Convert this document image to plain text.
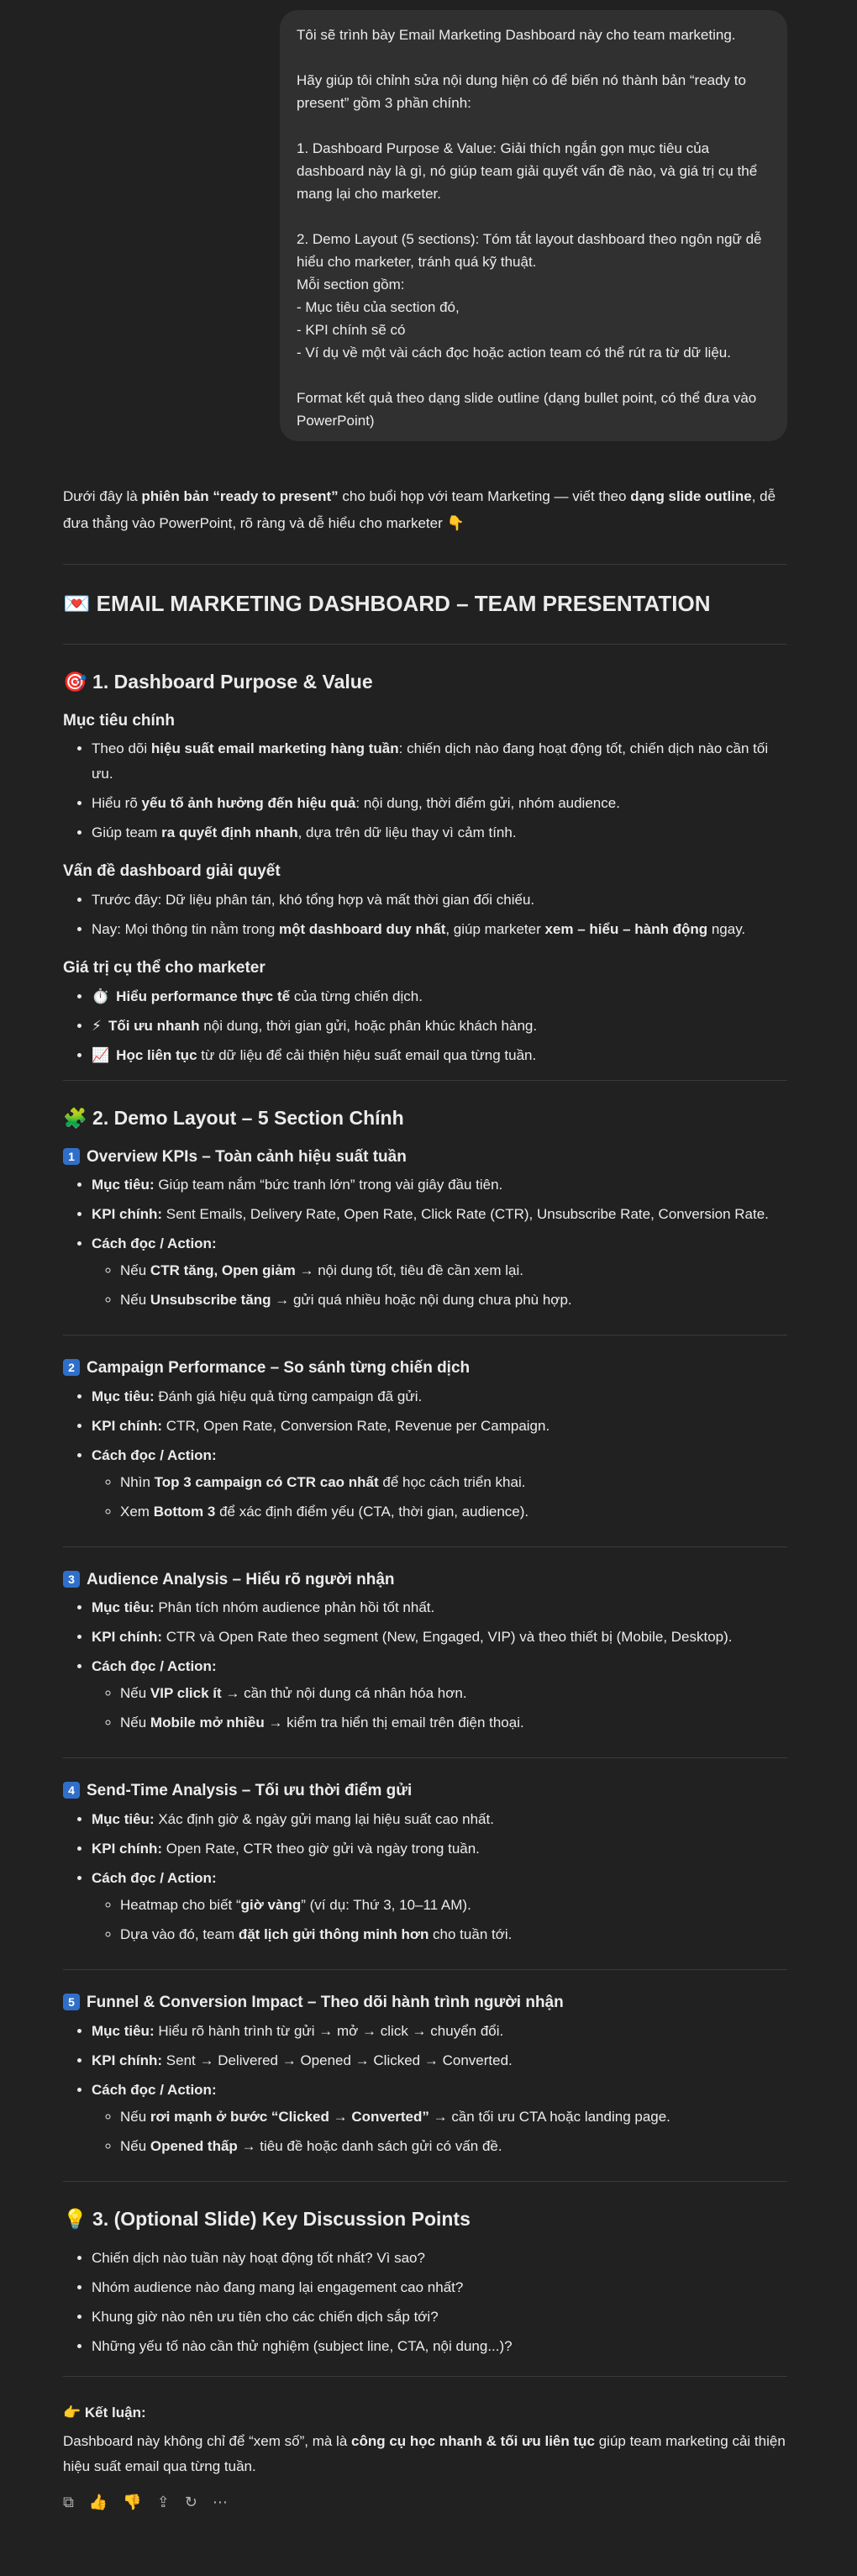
Tôi sẽ trình bày Email Marketing Dashboard này cho team marketing.

Hãy giúp tôi chỉnh sửa nội dung hiện có để biến nó thành bản “ready to present” gồm 3 phần chính:

1. Dashboard Purpose & Value: Giải thích ngắn gọn mục tiêu của dashboard này là gì, nó giúp team giải quyết vấn đề nào, và giá trị cụ thể mang lại cho marketer.

2. Demo Layout (5 sections): Tóm tắt layout dashboard theo ngôn ngữ dễ hiểu cho marketer, tránh quá kỹ thuật.
Mỗi section gồm:
- Mục tiêu của section đó,
- KPI chính sẽ có
- Ví dụ về một vài cách đọc hoặc action team có thể rút ra từ dữ liệu.

Format kết quả theo dạng slide outline (dạng bullet point, có thể đưa vào PowerPoint)

Dưới đây là phiên bản “ready to present” cho buổi họp với team Marketing — viết theo dạng slide outline, dễ đưa thẳng vào PowerPoint, rõ ràng và dễ hiểu cho marketer 👇

💌 EMAIL MARKETING DASHBOARD – TEAM PRESENTATION
🎯 1. Dashboard Purpose & Value
Mục tiêu chính
• Theo dõi hiệu suất email marketing hàng tuần: chiến dịch nào đang hoạt động tốt, chiến dịch nào cần tối ưu.
• Hiểu rõ yếu tố ảnh hưởng đến hiệu quả: nội dung, thời điểm gửi, nhóm audience.
• Giúp team ra quyết định nhanh, dựa trên dữ liệu thay vì cảm tính.
Vấn đề dashboard giải quyết
• Trước đây: Dữ liệu phân tán, khó tổng hợp và mất thời gian đối chiếu.
• Nay: Mọi thông tin nằm trong một dashboard duy nhất, giúp marketer xem – hiểu – hành động ngay.
Giá trị cụ thể cho marketer
• ⏱️ Hiểu performance thực tế của từng chiến dịch.
• ⚡ Tối ưu nhanh nội dung, thời gian gửi, hoặc phân khúc khách hàng.
• 📈 Học liên tục từ dữ liệu để cải thiện hiệu suất email qua từng tuần.
🧩 2. Demo Layout – 5 Section Chính
1 Overview KPIs – Toàn cảnh hiệu suất tuần
• Mục tiêu: Giúp team nắm “bức tranh lớn” trong vài giây đầu tiên.
• KPI chính: Sent Emails, Delivery Rate, Open Rate, Click Rate (CTR), Unsubscribe Rate, Conversion Rate.
• Cách đọc / Action:
◦ Nếu CTR tăng, Open giảm → nội dung tốt, tiêu đề cần xem lại.
◦ Nếu Unsubscribe tăng → gửi quá nhiều hoặc nội dung chưa phù hợp.
2 Campaign Performance – So sánh từng chiến dịch
• Mục tiêu: Đánh giá hiệu quả từng campaign đã gửi.
• KPI chính: CTR, Open Rate, Conversion Rate, Revenue per Campaign.
• Cách đọc / Action:
◦ Nhìn Top 3 campaign có CTR cao nhất để học cách triển khai.
◦ Xem Bottom 3 để xác định điểm yếu (CTA, thời gian, audience).
3 Audience Analysis – Hiểu rõ người nhận
• Mục tiêu: Phân tích nhóm audience phản hồi tốt nhất.
• KPI chính: CTR và Open Rate theo segment (New, Engaged, VIP) và theo thiết bị (Mobile, Desktop).
• Cách đọc / Action:
◦ Nếu VIP click ít → cần thử nội dung cá nhân hóa hơn.
◦ Nếu Mobile mở nhiều → kiểm tra hiển thị email trên điện thoại.
4 Send-Time Analysis – Tối ưu thời điểm gửi
• Mục tiêu: Xác định giờ & ngày gửi mang lại hiệu suất cao nhất.
• KPI chính: Open Rate, CTR theo giờ gửi và ngày trong tuần.
• Cách đọc / Action:
◦ Heatmap cho biết “giờ vàng” (ví dụ: Thứ 3, 10–11 AM).
◦ Dựa vào đó, team đặt lịch gửi thông minh hơn cho tuần tới.
5 Funnel & Conversion Impact – Theo dõi hành trình người nhận
• Mục tiêu: Hiểu rõ hành trình từ gửi → mở → click → chuyển đổi.
• KPI chính: Sent → Delivered → Opened → Clicked → Converted.
• Cách đọc / Action:
◦ Nếu rơi mạnh ở bước “Clicked → Converted” → cần tối ưu CTA hoặc landing page.
◦ Nếu Opened thấp → tiêu đề hoặc danh sách gửi có vấn đề.
💡 3. (Optional Slide) Key Discussion Points
• Chiến dịch nào tuần này hoạt động tốt nhất? Vì sao?
• Nhóm audience nào đang mang lại engagement cao nhất?
• Khung giờ nào nên ưu tiên cho các chiến dịch sắp tới?
• Những yếu tố nào cần thử nghiệm (subject line, CTA, nội dung...)?

👉 Kết luận:

Dashboard này không chỉ để “xem số”, mà là công cụ học nhanh & tối ưu liên tục giúp team marketing cải thiện hiệu suất email qua từng tuần.

⧉ 👍 👎 ⇪ ↻ ⋯
